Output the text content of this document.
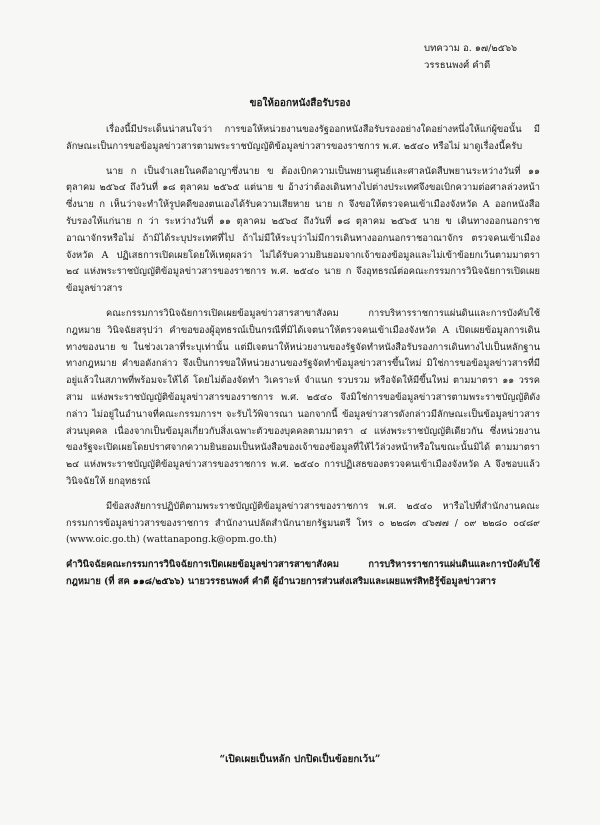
บทความ อ. ๑๗/๒๕๖๖
วรรธนพงศ์ คำดี
ขอให้ออกหนังสือรับรอง

เรื่องนี้มีประเด็นน่าสนใจว่า การขอให้หน่วยงานของรัฐออกหนังสือรับรองอย่างใดอย่างหนึ่งให้แก่ผู้ขอนั้น มีลักษณะเป็นการขอข้อมูลข่าวสารตามพระราชบัญญัติข้อมูลข่าวสารของราชการ พ.ศ. ๒๕๔๐ หรือไม่ มาดูเรื่องนี้ครับ

นาย ก เป็นจำเลยในคดีอาญาซึ่งนาย ข ต้องเบิกความเป็นพยานศูนย์และศาลนัดสืบพยานระหว่างวันที่ ๑๑ ตุลาคม ๒๕๖๔ ถึงวันที่ ๑๘ ตุลาคม ๒๕๖๕ แต่นาย ข อ้างว่าต้องเดินทางไปต่างประเทศจึงขอเบิกความต่อศาลล่วงหน้า ซึ่งนาย ก เห็นว่าจะทำให้รูปคดีของตนเองได้รับความเสียหาย นาย ก จึงขอให้ตรวจคนเข้าเมืองจังหวัด A ออกหนังสือรับรองให้แก่นาย ก ว่า ระหว่างวันที่ ๑๑ ตุลาคม ๒๕๖๔ ถึงวันที่ ๑๘ ตุลาคม ๒๕๖๕ นาย ข เดินทางออกนอกราชอาณาจักรหรือไม่ ถ้ามิได้ระบุประเทศที่ไป ถ้าไม่มีให้ระบุว่าไม่มีการเดินทางออกนอกราชอาณาจักร ตรวจคนเข้าเมืองจังหวัด A ปฏิเสธการเปิดเผยโดยให้เหตุผลว่า ไม่ได้รับความยินยอมจากเจ้าของข้อมูลและไม่เข้าข้อยกเว้นตามมาตรา ๒๔ แห่งพระราชบัญญัติข้อมูลข่าวสารของราชการ พ.ศ. ๒๕๔๐ นาย ก จึงอุทธรณ์ต่อคณะกรรมการวินิจฉัยการเปิดเผยข้อมูลข่าวสาร

คณะกรรมการวินิจฉัยการเปิดเผยข้อมูลข่าวสารสาขาสังคม การบริหารราชการแผ่นดินและการบังคับใช้กฎหมาย วินิจฉัยสรุปว่า คำขอของผู้อุทธรณ์เป็นกรณีที่มิได้เจตนาให้ตรวจคนเข้าเมืองจังหวัด A เปิดเผยข้อมูลการเดินทางของนาย ข ในช่วงเวลาที่ระบุเท่านั้น แต่มีเจตนาให้หน่วยงานของรัฐจัดทำหนังสือรับรองการเดินทางไปเป็นหลักฐานทางกฎหมาย คำขอดังกล่าว จึงเป็นการขอให้หน่วยงานของรัฐจัดทำข้อมูลข่าวสารขึ้นใหม่ มิใช่การขอข้อมูลข่าวสารที่มีอยู่แล้วในสภาพที่พร้อมจะให้ได้ โดยไม่ต้องจัดทำ วิเคราะห์ จำแนก รวบรวม หรือจัดให้มีขึ้นใหม่ ตามมาตรา ๑๑ วรรคสาม แห่งพระราชบัญญัติข้อมูลข่าวสารของราชการ พ.ศ. ๒๕๔๐ จึงมิใช่การขอข้อมูลข่าวสารตามพระราชบัญญัติดังกล่าว ไม่อยู่ในอำนาจที่คณะกรรมการฯ จะรับไว้พิจารณา นอกจากนี้ ข้อมูลข่าวสารดังกล่าวมีลักษณะเป็นข้อมูลข่าวสารส่วนบุคคล เนื่องจากเป็นข้อมูลเกี่ยวกับสิ่งเฉพาะตัวของบุคคลตามมาตรา ๔ แห่งพระราชบัญญัติเดียวกัน ซึ่งหน่วยงานของรัฐจะเปิดเผยโดยปราศจากความยินยอมเป็นหนังสือของเจ้าของข้อมูลที่ให้ไว้ล่วงหน้าหรือในขณะนั้นมิได้ ตามมาตรา ๒๔ แห่งพระราชบัญญัติข้อมูลข่าวสารของราชการ พ.ศ. ๒๕๔๐ การปฏิเสธของตรวจคนเข้าเมืองจังหวัด A จึงชอบแล้ว วินิจฉัยให้ ยกอุทธรณ์

มีข้อสงสัยการปฏิบัติตามพระราชบัญญัติข้อมูลข่าวสารของราชการ พ.ศ. ๒๕๔๐ หารือไปที่สำนักงานคณะกรรมการข้อมูลข่าวสารของราชการ สำนักงานปลัดสำนักนายกรัฐมนตรี โทร ๐ ๒๒๘๓ ๔๖๗๗ / ๐๙ ๒๒๘๐ ๐๔๘๙ (www.oic.go.th) (wattanapong.k@opm.go.th)

คำวินิจฉัยคณะกรรมการวินิจฉัยการเปิดเผยข้อมูลข่าวสารสาขาสังคม การบริหารราชการแผ่นดินและการบังคับใช้กฎหมาย (ที่ สค ๑๑๘/๒๕๖๖) นายวรรธนพงศ์ คำดี ผู้อำนวยการส่วนส่งเสริมและเผยแพร่สิทธิรู้ข้อมูลข่าวสาร

“เปิดเผยเป็นหลัก ปกปิดเป็นข้อยกเว้น”
